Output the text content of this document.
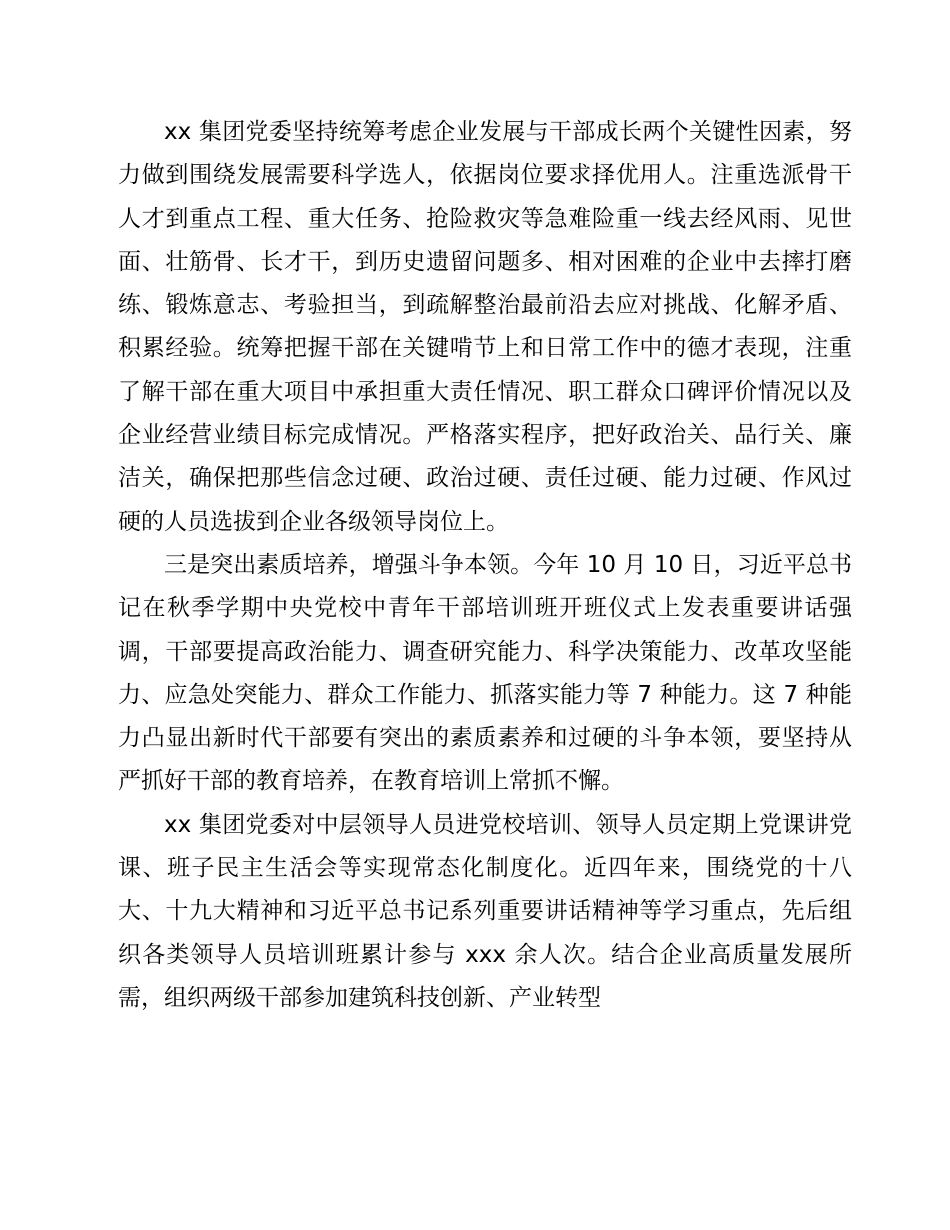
xx 集团党委坚持统筹考虑企业发展与干部成长两个关键性因素，努力做到围绕发展需要科学选人，依据岗位要求择优用人。注重选派骨干人才到重点工程、重大任务、抢险救灾等急难险重一线去经风雨、见世面、壮筋骨、长才干，到历史遗留问题多、相对困难的企业中去摔打磨练、锻炼意志、考验担当，到疏解整治最前沿去应对挑战、化解矛盾、积累经验。统筹把握干部在关键啃节上和日常工作中的德才表现，注重了解干部在重大项目中承担重大责任情况、职工群众口碑评价情况以及企业经营业绩目标完成情况。严格落实程序，把好政治关、品行关、廉洁关，确保把那些信念过硬、政治过硬、责任过硬、能力过硬、作风过硬的人员选拔到企业各级领导岗位上。

三是突出素质培养，增强斗争本领。今年 10 月 10 日，习近平总书记在秋季学期中央党校中青年干部培训班开班仪式上发表重要讲话强调，干部要提高政治能力、调查研究能力、科学决策能力、改革攻坚能力、应急处突能力、群众工作能力、抓落实能力等 7 种能力。这 7 种能力凸显出新时代干部要有突出的素质素养和过硬的斗争本领，要坚持从严抓好干部的教育培养，在教育培训上常抓不懈。

xx 集团党委对中层领导人员进党校培训、领导人员定期上党课讲党课、班子民主生活会等实现常态化制度化。近四年来，围绕党的十八大、十九大精神和习近平总书记系列重要讲话精神等学习重点，先后组织各类领导人员培训班累计参与 xxx 余人次。结合企业高质量发展所需，组织两级干部参加建筑科技创新、产业转型
